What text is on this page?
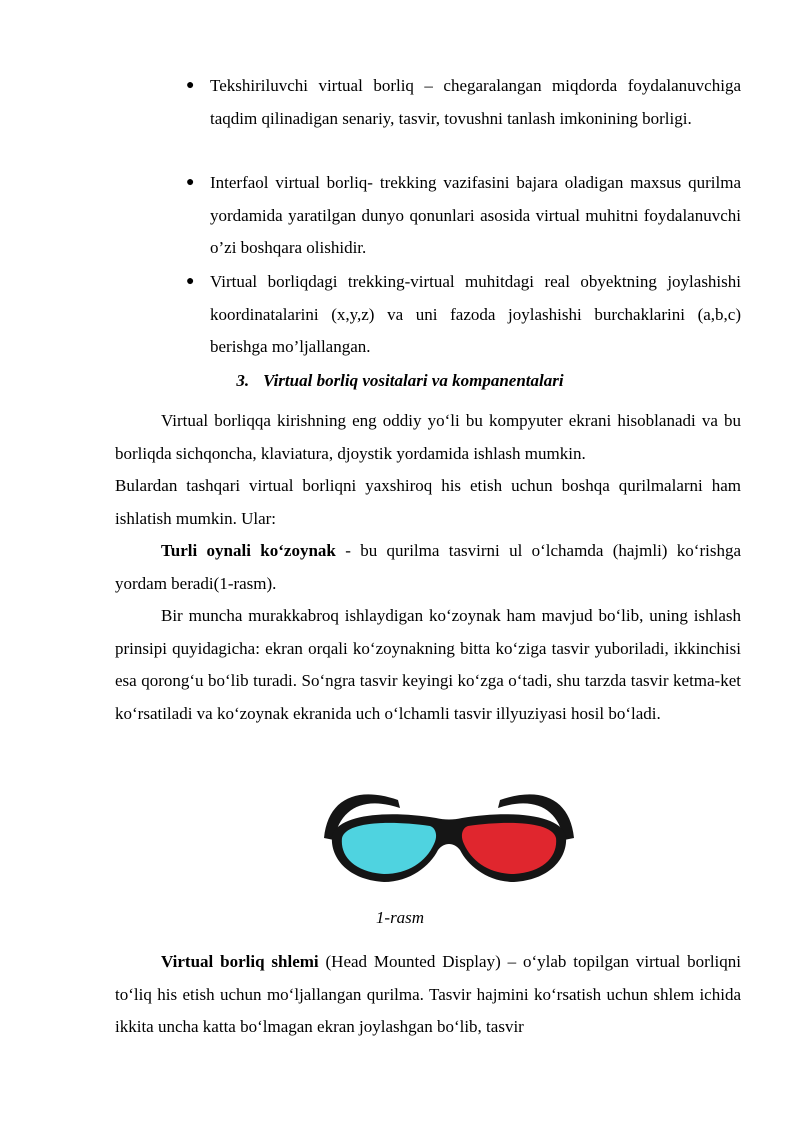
● Tekshiriluvchi virtual borliq – chegaralangan miqdorda foydalanuvchiga taqdim qilinadigan senariy, tasvir, tovushni tanlash imkonining borligi.
● Interfaol virtual borliq- trekking vazifasini bajara oladigan maxsus qurilma yordamida yaratilgan dunyo qonunlari asosida virtual muhitni foydalanuvchi o’zi boshqara olishidir.
● Virtual borliqdagi trekking-virtual muhitdagi real obyektning joylashishi koordinatalarini (x,y,z) va uni fazoda joylashishi burchaklarini (a,b,c) berishga mo’ljallangan.
3. Virtual borliq vositalari va kompanentalari

Virtual borliqqa kirishning eng oddiy yo‘li bu kompyuter ekrani hisoblanadi va bu borliqda sichqoncha, klaviatura, djoystik yordamida ishlash mumkin.

Bulardan tashqari virtual borliqni yaxshiroq his etish uchun boshqa qurilmalarni ham ishlatish mumkin. Ular:

Turli oynali ko‘zoynak - bu qurilma tasvirni ul o‘lchamda (hajmli) ko‘rishga yordam beradi(1-rasm).

Bir muncha murakkabroq ishlaydigan ko‘zoynak ham mavjud bo‘lib, uning ishlash prinsipi quyidagicha: ekran orqali ko‘zoynakning bitta ko‘ziga tasvir yuboriladi, ikkinchisi esa qorong‘u bo‘lib turadi. So‘ngra tasvir keyingi ko‘zga o‘tadi, shu tarzda tasvir ketma-ket ko‘rsatiladi va ko‘zoynak ekranida uch o‘lchamli tasvir illyuziyasi hosil bo‘ladi.

1-rasm

Virtual borliq shlemi (Head Mounted Display) – o‘ylab topilgan virtual borliqni to‘liq his etish uchun mo‘ljallangan qurilma. Tasvir hajmini ko‘rsatish uchun shlem ichida ikkita uncha katta bo‘lmagan ekran joylashgan bo‘lib, tasvir
